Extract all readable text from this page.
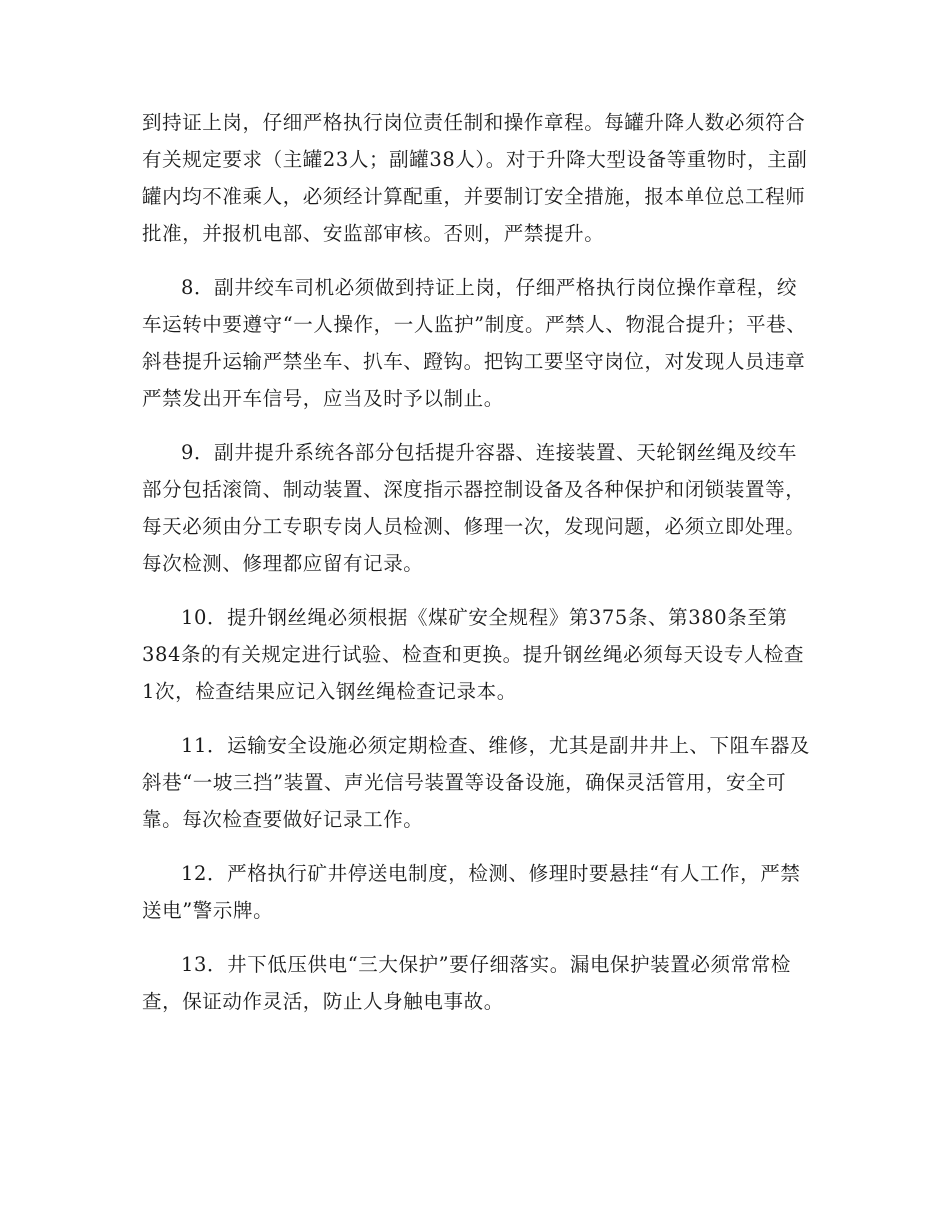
到持证上岗，仔细严格执行岗位责任制和操作章程。每罐升降人数必须符合有关规定要求（主罐23人；副罐38人）。对于升降大型设备等重物时，主副罐内均不准乘人，必须经计算配重，并要制订安全措施，报本单位总工程师批准，并报机电部、安监部审核。否则，严禁提升。

8．副井绞车司机必须做到持证上岗，仔细严格执行岗位操作章程，绞车运转中要遵守“一人操作，一人监护”制度。严禁人、物混合提升；平巷、斜巷提升运输严禁坐车、扒车、蹬钩。把钩工要坚守岗位，对发现人员违章严禁发出开车信号，应当及时予以制止。

9．副井提升系统各部分包括提升容器、连接装置、天轮钢丝绳及绞车部分包括滚筒、制动装置、深度指示器控制设备及各种保护和闭锁装置等，每天必须由分工专职专岗人员检测、修理一次，发现问题，必须立即处理。每次检测、修理都应留有记录。

10．提升钢丝绳必须根据《煤矿安全规程》第375条、第380条至第384条的有关规定进行试验、检查和更换。提升钢丝绳必须每天设专人检查1次，检查结果应记入钢丝绳检查记录本。

11．运输安全设施必须定期检查、维修，尤其是副井井上、下阻车器及斜巷“一坡三挡”装置、声光信号装置等设备设施，确保灵活管用，安全可靠。每次检查要做好记录工作。

12．严格执行矿井停送电制度，检测、修理时要悬挂“有人工作，严禁送电”警示牌。

13．井下低压供电“三大保护”要仔细落实。漏电保护装置必须常常检查，保证动作灵活，防止人身触电事故。
